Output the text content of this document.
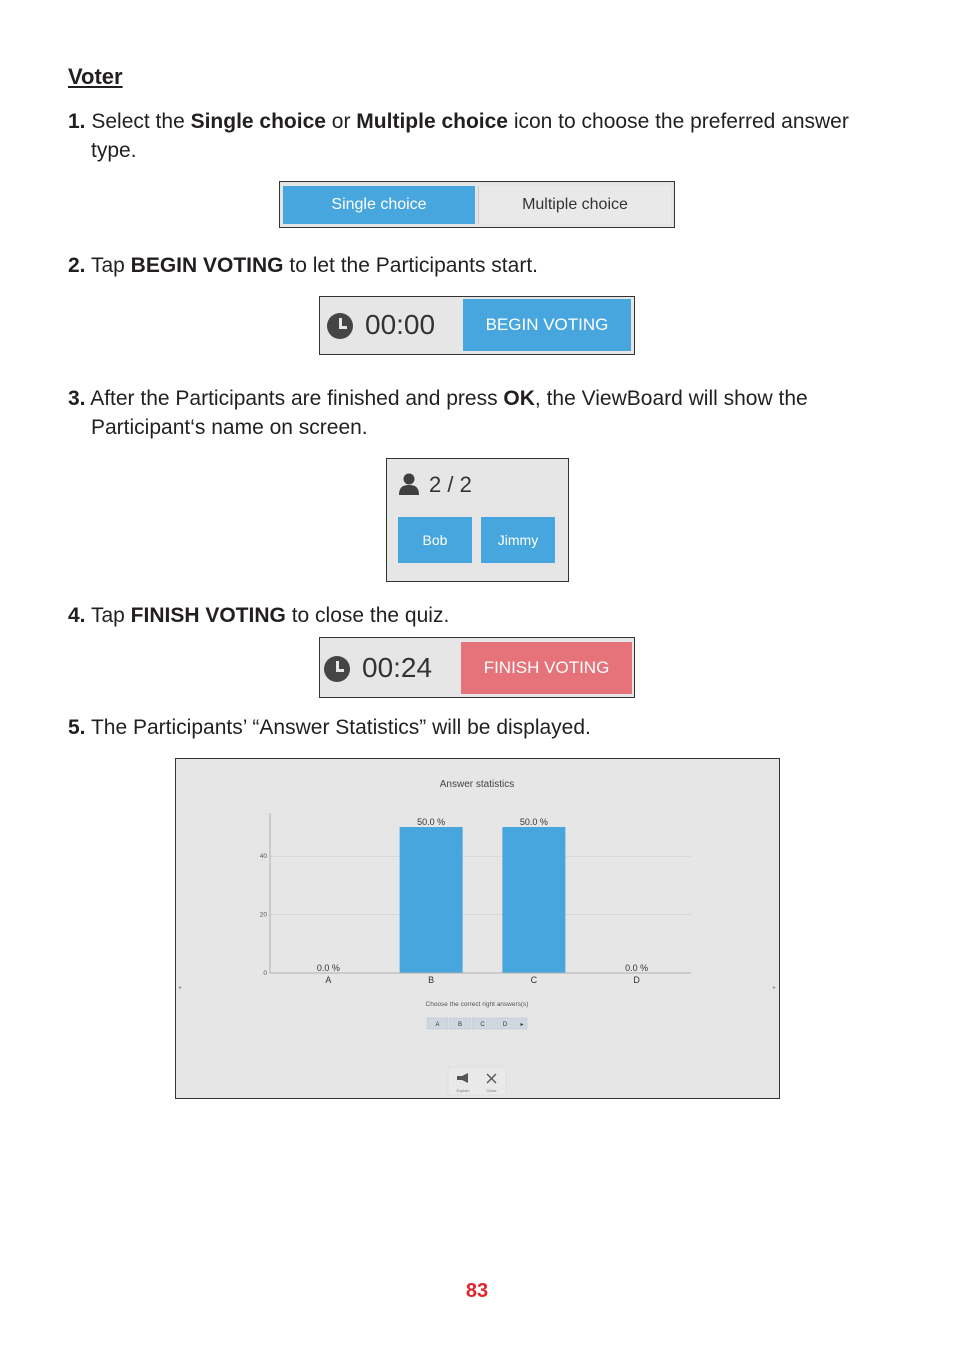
Voter
1. Select the Single choice or Multiple choice icon to choose the preferred answer
type.
Single choice	Multiple choice
2. Tap BEGIN VOTING to let the Participants start.
00:00	BEGIN VOTING
3. After the Participants are finished and press OK, the ViewBoard will show the
Participant‘s name on screen.
2 / 2
Bob	Jimmy
4. Tap FINISH VOTING to close the quiz.
00:24	FINISH VOTING
5. The Participants’ “Answer Statistics” will be displayed.
Answer statistics
0
20
40
0.0 %
A
50.0 %
B
50.0 %
C
0.0 %
D
Choose the correct right answers(s)
A	B	C	D ▸
◂	▸
Explain	Close
83
